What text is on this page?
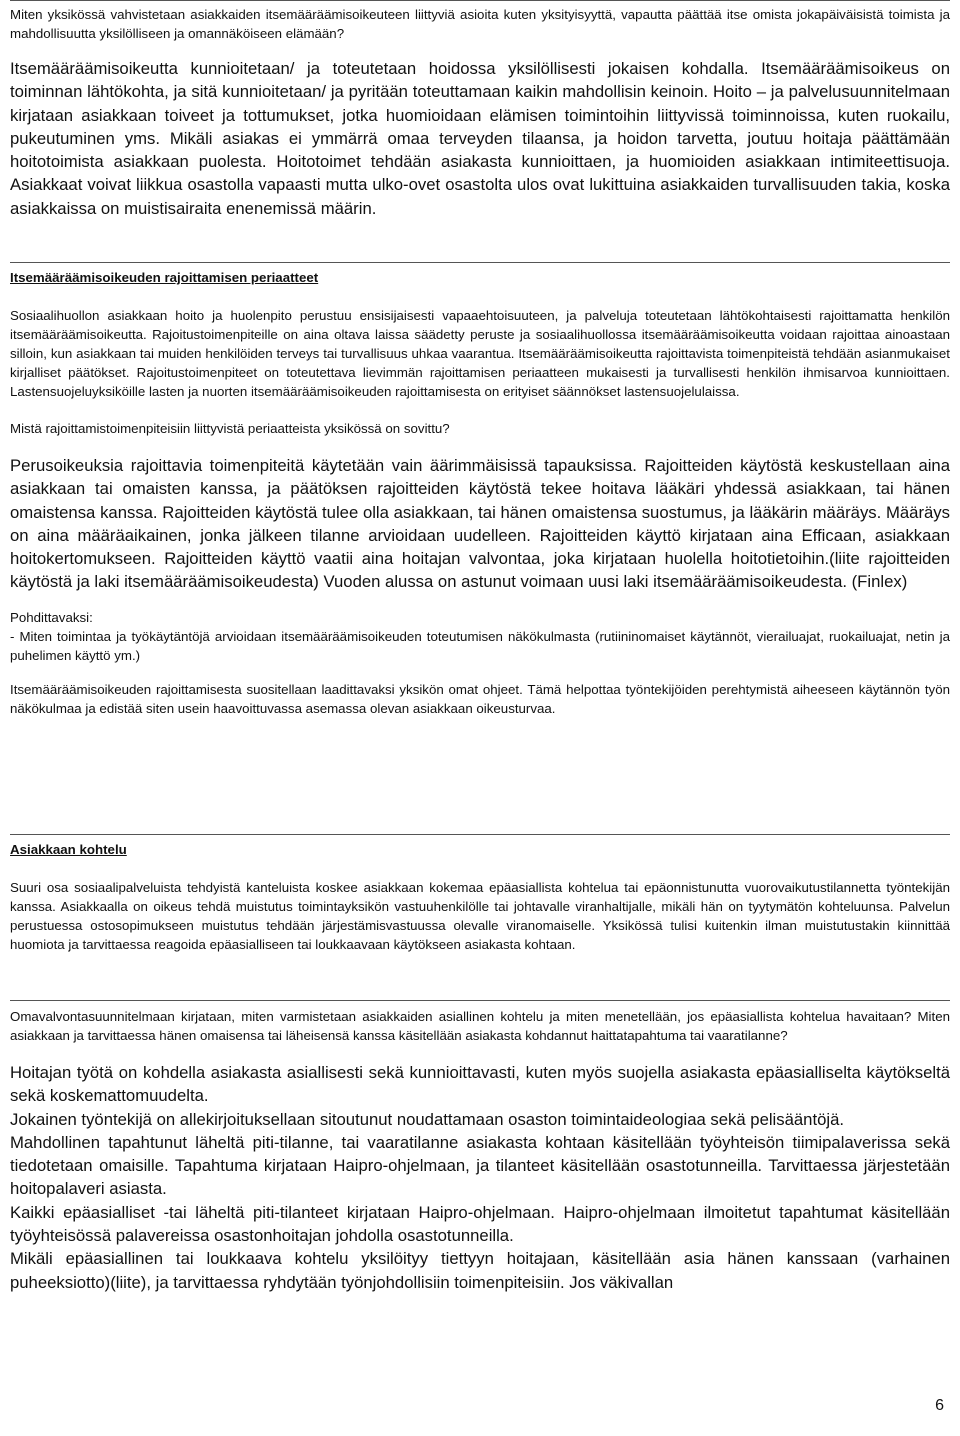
Miten yksikössä vahvistetaan asiakkaiden itsemääräämisoikeuteen liittyviä asioita kuten yksityisyyttä, vapautta päättää itse omista jokapäiväisistä toimista ja mahdollisuutta yksilölliseen ja omannäköiseen elämään?

Itsemääräämisoikeutta kunnioitetaan/ ja toteutetaan hoidossa yksilöllisesti jokaisen kohdalla. Itsemääräämisoikeus on toiminnan lähtökohta, ja sitä kunnioitetaan/ ja pyritään toteuttamaan kaikin mahdollisin keinoin. Hoito – ja palvelusuunnitelmaan kirjataan asiakkaan toiveet ja tottumukset, jotka huomioidaan elämisen toimintoihin liittyvissä toiminnoissa, kuten ruokailu, pukeutuminen yms. Mikäli asiakas ei ymmärrä omaa terveyden tilaansa, ja hoidon tarvetta, joutuu hoitaja päättämään hoitotoimista asiakkaan puolesta. Hoitotoimet tehdään asiakasta kunnioittaen, ja huomioiden asiakkaan intimiteettisuoja. Asiakkaat voivat liikkua osastolla vapaasti mutta ulko-ovet osastolta ulos ovat lukittuina asiakkaiden turvallisuuden takia, koska asiakkaissa on muistisairaita enenemissä määrin.

Itsemääräämisoikeuden rajoittamisen periaatteet

Sosiaalihuollon asiakkaan hoito ja huolenpito perustuu ensisijaisesti vapaaehtoisuuteen, ja palveluja toteutetaan lähtökohtaisesti rajoittamatta henkilön itsemääräämisoikeutta. Rajoitustoimenpiteille on aina oltava laissa säädetty peruste ja sosiaalihuollossa itsemääräämisoikeutta voidaan rajoittaa ainoastaan silloin, kun asiakkaan tai muiden henkilöiden terveys tai turvallisuus uhkaa vaarantua. Itsemääräämisoikeutta rajoittavista toimenpiteistä tehdään asianmukaiset kirjalliset päätökset. Rajoitustoimenpiteet on toteutettava lievimmän rajoittamisen periaatteen mukaisesti ja turvallisesti henkilön ihmisarvoa kunnioittaen. Lastensuojeluyksiköille lasten ja nuorten itsemääräämisoikeuden rajoittamisesta on erityiset säännökset lastensuojelulaissa.

Mistä rajoittamistoimenpiteisiin liittyvistä periaatteista yksikössä on sovittu?

Perusoikeuksia rajoittavia toimenpiteitä käytetään vain äärimmäisissä tapauksissa. Rajoitteiden käytöstä keskustellaan aina asiakkaan tai omaisten kanssa, ja päätöksen rajoitteiden käytöstä tekee hoitava lääkäri yhdessä asiakkaan, tai hänen omaistensa kanssa. Rajoitteiden käytöstä tulee olla asiakkaan, tai hänen omaistensa suostumus, ja lääkärin määräys. Määräys on aina määräaikainen, jonka jälkeen tilanne arvioidaan uudelleen. Rajoitteiden käyttö kirjataan aina Efficaan, asiakkaan hoitokertomukseen. Rajoitteiden käyttö vaatii aina hoitajan valvontaa, joka kirjataan huolella hoitotietoihin.(liite rajoitteiden käytöstä ja laki itsemääräämisoikeudesta) Vuoden alussa on astunut voimaan uusi laki itsemääräämisoikeudesta. (Finlex)

Pohdittavaksi:

- Miten toimintaa ja työkäytäntöjä arvioidaan itsemääräämisoikeuden toteutumisen näkökulmasta (rutiininomaiset käytännöt, vierailuajat, ruokailuajat, netin ja puhelimen käyttö ym.)

Itsemääräämisoikeuden rajoittamisesta suositellaan laadittavaksi yksikön omat ohjeet. Tämä helpottaa työntekijöiden perehtymistä aiheeseen käytännön työn näkökulmaa ja edistää siten usein haavoittuvassa asemassa olevan asiakkaan oikeusturvaa.

Asiakkaan kohtelu

Suuri osa sosiaalipalveluista tehdyistä kanteluista koskee asiakkaan kokemaa epäasiallista kohtelua tai epäonnistunutta vuorovaikutustilannetta työntekijän kanssa. Asiakkaalla on oikeus tehdä muistutus toimintayksikön vastuuhenkilölle tai johtavalle viranhaltijalle, mikäli hän on tyytymätön kohteluunsa. Palvelun perustuessa ostosopimukseen muistutus tehdään järjestämisvastuussa olevalle viranomaiselle. Yksikössä tulisi kuitenkin ilman muistutustakin kiinnittää huomiota ja tarvittaessa reagoida epäasialliseen tai loukkaavaan käytökseen asiakasta kohtaan.

Omavalvontasuunnitelmaan kirjataan, miten varmistetaan asiakkaiden asiallinen kohtelu ja miten menetellään, jos epäasiallista kohtelua havaitaan? Miten asiakkaan ja tarvittaessa hänen omaisensa tai läheisensä kanssa käsitellään asiakasta kohdannut haittatapahtuma tai vaaratilanne?

Hoitajan työtä on kohdella asiakasta asiallisesti sekä kunnioittavasti, kuten myös suojella asiakasta epäasialliselta käytökseltä sekä koskemattomuudelta.

Jokainen työntekijä on allekirjoituksellaan sitoutunut noudattamaan osaston toimintaideologiaa sekä pelisääntöjä.

Mahdollinen tapahtunut läheltä piti-tilanne, tai vaaratilanne asiakasta kohtaan käsitellään työyhteisön tiimipalaverissa sekä tiedotetaan omaisille. Tapahtuma kirjataan Haipro-ohjelmaan, ja tilanteet käsitellään osastotunneilla. Tarvittaessa järjestetään hoitopalaveri asiasta.

Kaikki epäasialliset -tai läheltä piti-tilanteet kirjataan Haipro-ohjelmaan. Haipro-ohjelmaan ilmoitetut tapahtumat käsitellään työyhteisössä palavereissa osastonhoitajan johdolla osastotunneilla.

Mikäli epäasiallinen tai loukkaava kohtelu yksilöityy tiettyyn hoitajaan, käsitellään asia hänen kanssaan (varhainen puheeksiotto)(liite), ja tarvittaessa ryhdytään työnjohdollisiin toimenpiteisiin. Jos väkivallan

6
